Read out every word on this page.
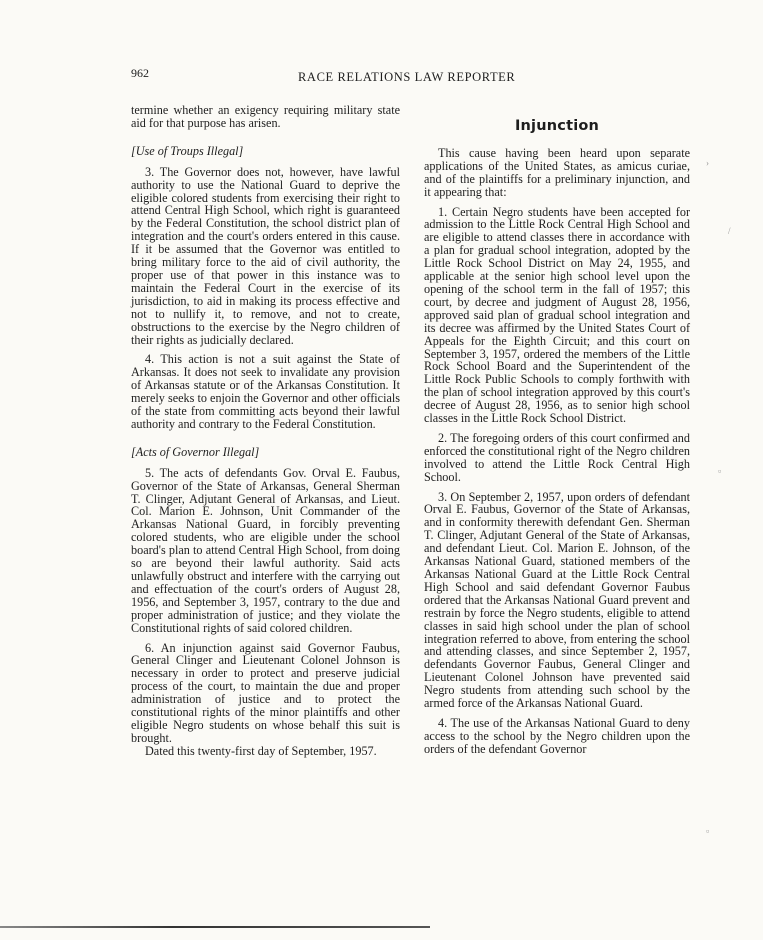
962	RACE RELATIONS LAW REPORTER

termine whether an exigency requiring military state aid for that purpose has arisen.

[Use of Troups Illegal]

3. The Governor does not, however, have lawful authority to use the National Guard to deprive the eligible colored students from exercising their right to attend Central High School, which right is guaranteed by the Federal Constitution, the school district plan of integration and the court's orders entered in this cause. If it be assumed that the Governor was entitled to bring military force to the aid of civil authority, the proper use of that power in this instance was to maintain the Federal Court in the exercise of its jurisdiction, to aid in making its process effective and not to nullify it, to remove, and not to create, obstructions to the exercise by the Negro children of their rights as judicially declared.

4. This action is not a suit against the State of Arkansas. It does not seek to invalidate any provision of Arkansas statute or of the Arkansas Constitution. It merely seeks to enjoin the Governor and other officials of the state from committing acts beyond their lawful authority and contrary to the Federal Constitution.

[Acts of Governor Illegal]

5. The acts of defendants Gov. Orval E. Faubus, Governor of the State of Arkansas, General Sherman T. Clinger, Adjutant General of Arkansas, and Lieut. Col. Marion E. Johnson, Unit Commander of the Arkansas National Guard, in forcibly preventing colored students, who are eligible under the school board's plan to attend Central High School, from doing so are beyond their lawful authority. Said acts unlawfully obstruct and interfere with the carrying out and effectuation of the court's orders of August 28, 1956, and September 3, 1957, contrary to the due and proper administration of justice; and they violate the Constitutional rights of said colored children.

6. An injunction against said Governor Faubus, General Clinger and Lieutenant Colonel Johnson is necessary in order to protect and preserve judicial process of the court, to maintain the due and proper administration of justice and to protect the constitutional rights of the minor plaintiffs and other eligible Negro students on whose behalf this suit is brought.

Dated this twenty-first day of September, 1957.

Injunction

This cause having been heard upon separate applications of the United States, as amicus curiae, and of the plaintiffs for a preliminary injunction, and it appearing that:

1. Certain Negro students have been accepted for admission to the Little Rock Central High School and are eligible to attend classes there in accordance with a plan for gradual school integration, adopted by the Little Rock School District on May 24, 1955, and applicable at the senior high school level upon the opening of the school term in the fall of 1957; this court, by decree and judgment of August 28, 1956, approved said plan of gradual school integration and its decree was affirmed by the United States Court of Appeals for the Eighth Circuit; and this court on September 3, 1957, ordered the members of the Little Rock School Board and the Superintendent of the Little Rock Public Schools to comply forthwith with the plan of school integration approved by this court's decree of August 28, 1956, as to senior high school classes in the Little Rock School District.

2. The foregoing orders of this court confirmed and enforced the constitutional right of the Negro children involved to attend the Little Rock Central High School.

3. On September 2, 1957, upon orders of defendant Orval E. Faubus, Governor of the State of Arkansas, and in conformity therewith defendant Gen. Sherman T. Clinger, Adjutant General of the State of Arkansas, and defendant Lieut. Col. Marion E. Johnson, of the Arkansas National Guard, stationed members of the Arkansas National Guard at the Little Rock Central High School and said defendant Governor Faubus ordered that the Arkansas National Guard prevent and restrain by force the Negro students, eligible to attend classes in said high school under the plan of school integration referred to above, from entering the school and attending classes, and since September 2, 1957, defendants Governor Faubus, General Clinger and Lieutenant Colonel Johnson have prevented said Negro students from attending such school by the armed force of the Arkansas National Guard.

4. The use of the Arkansas National Guard to deny access to the school by the Negro children upon the orders of the defendant Governor

›
/
▫
▫
